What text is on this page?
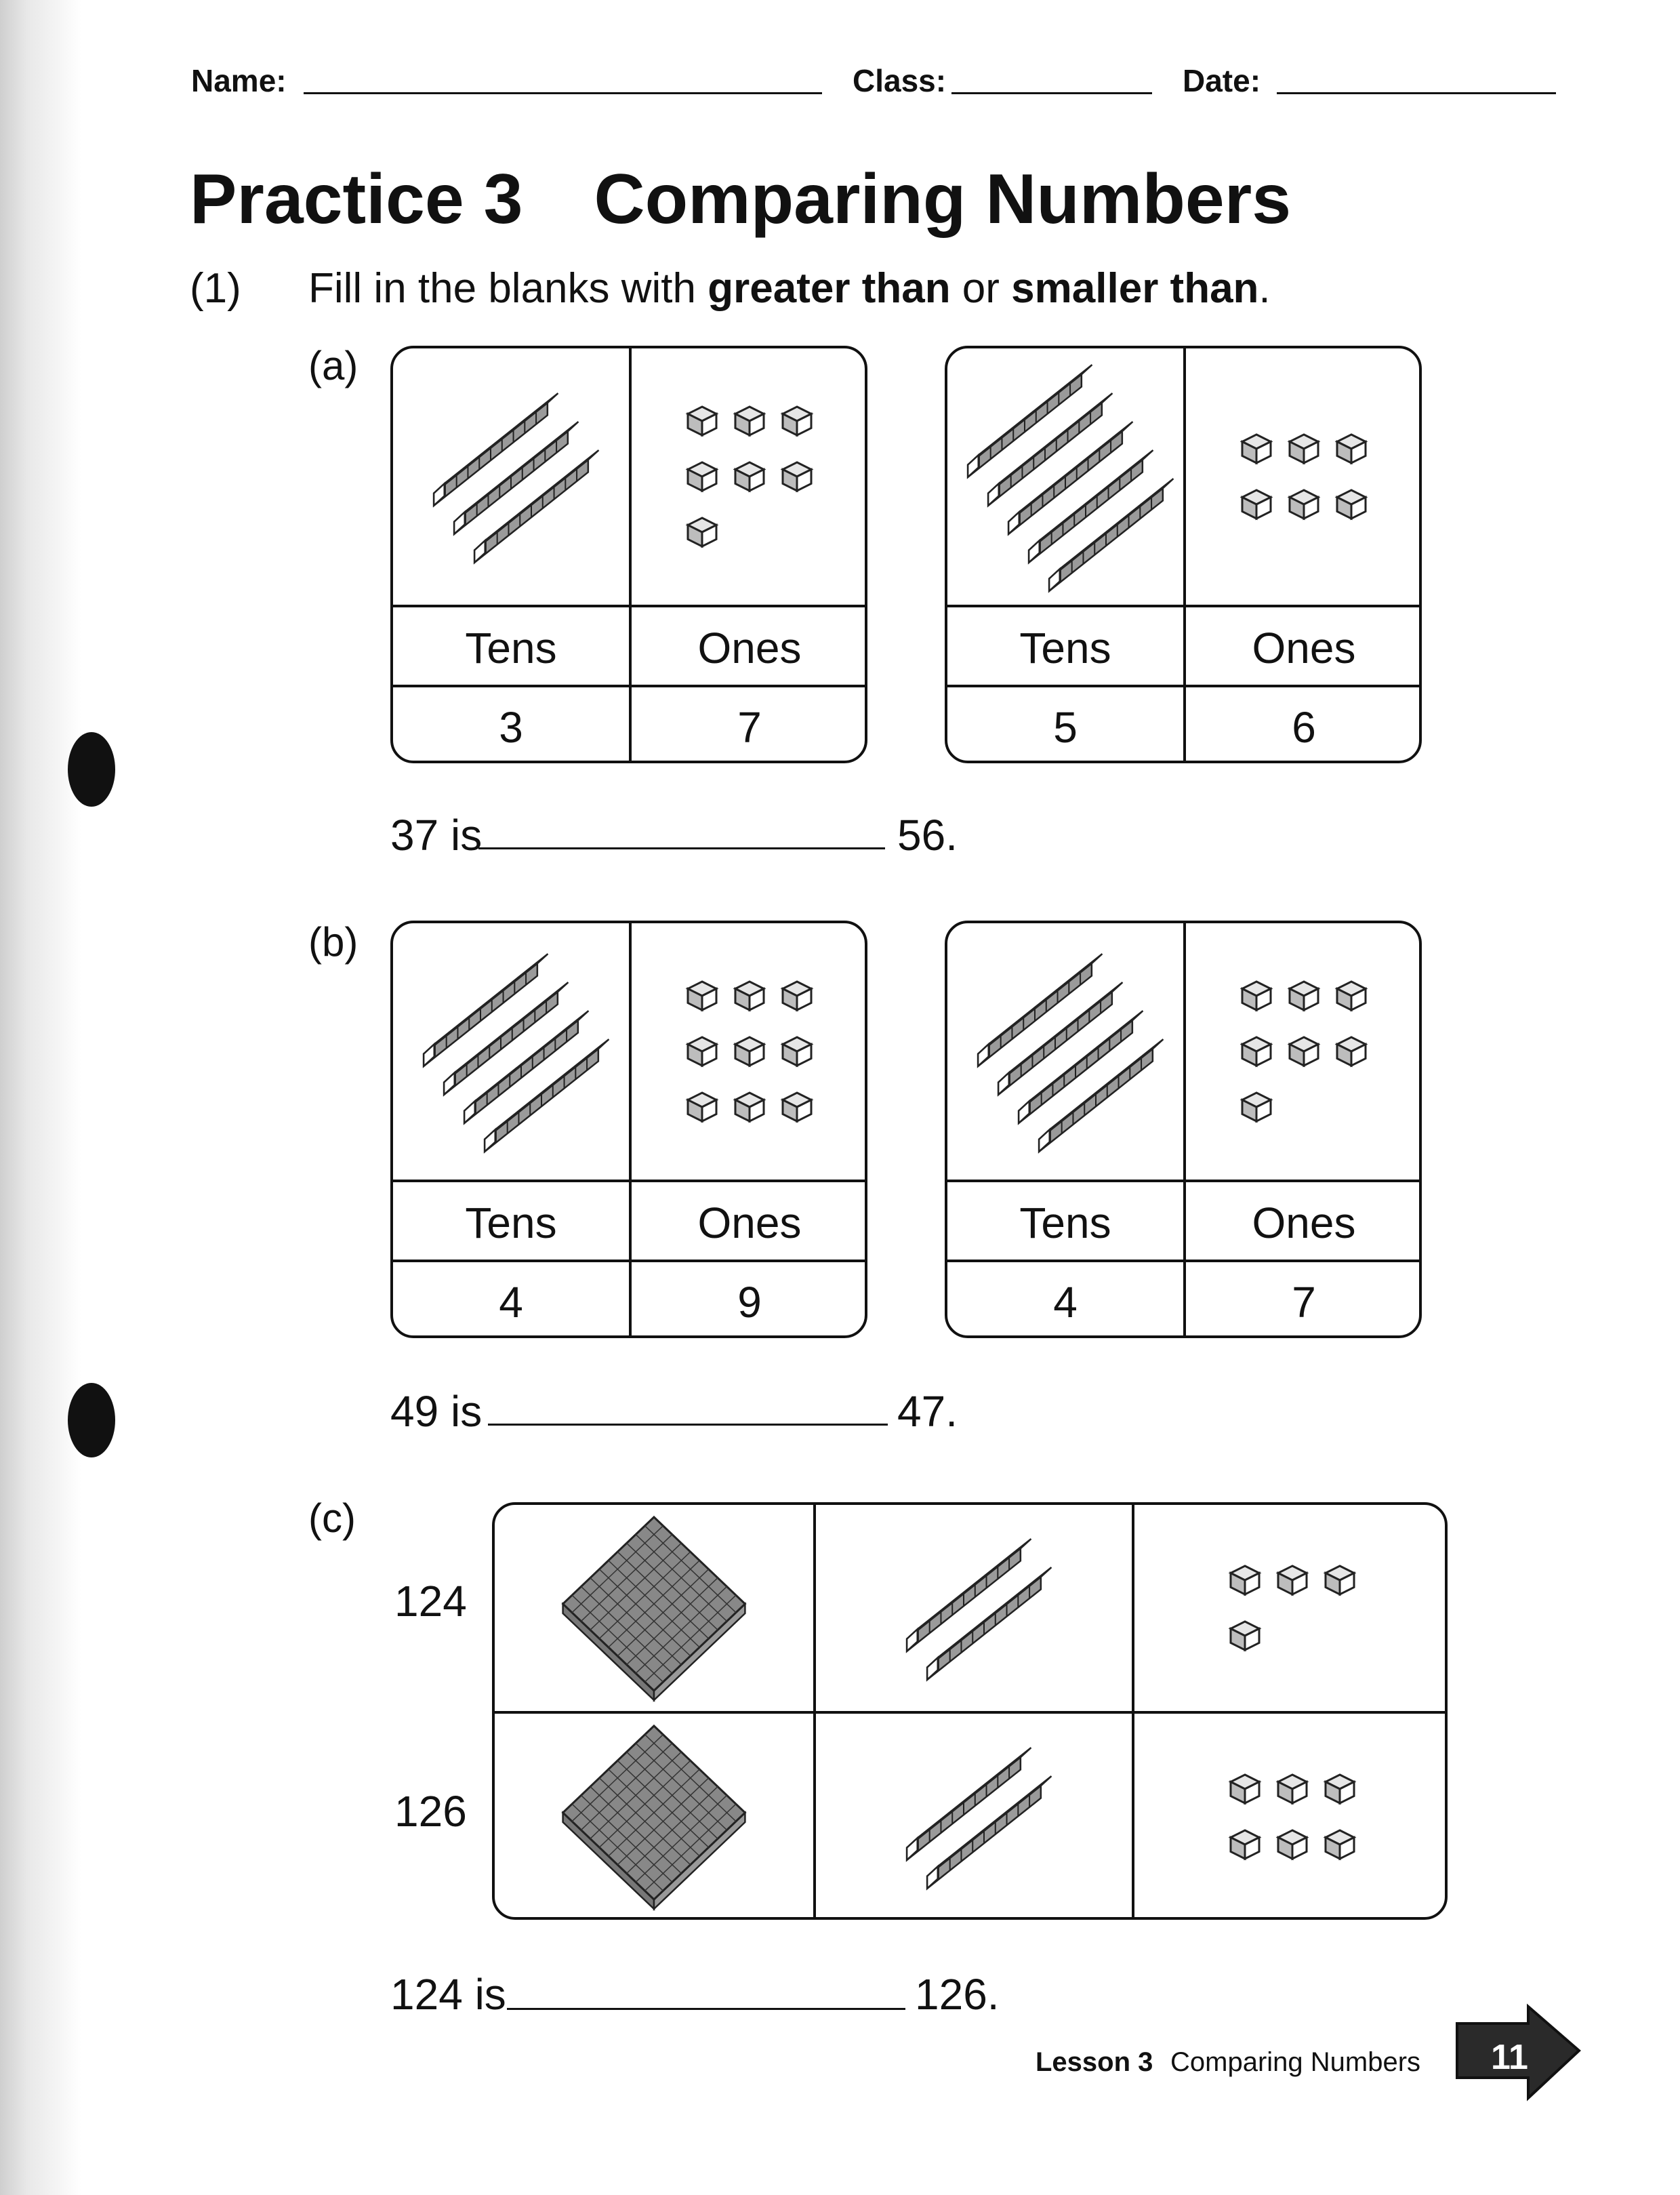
Name:	Class:	Date:
Practice 3 Comparing Numbers
(1) Fill in the blanks with greater than or smaller than.
(a)
Tens	Ones
3	7
Tens	Ones
5	6
37 is	56.
(b)
Tens	Ones
4	9
Tens	Ones
4	7
49 is	47.
(c)
124
126
124 is	126.
Lesson 3 Comparing Numbers 11
